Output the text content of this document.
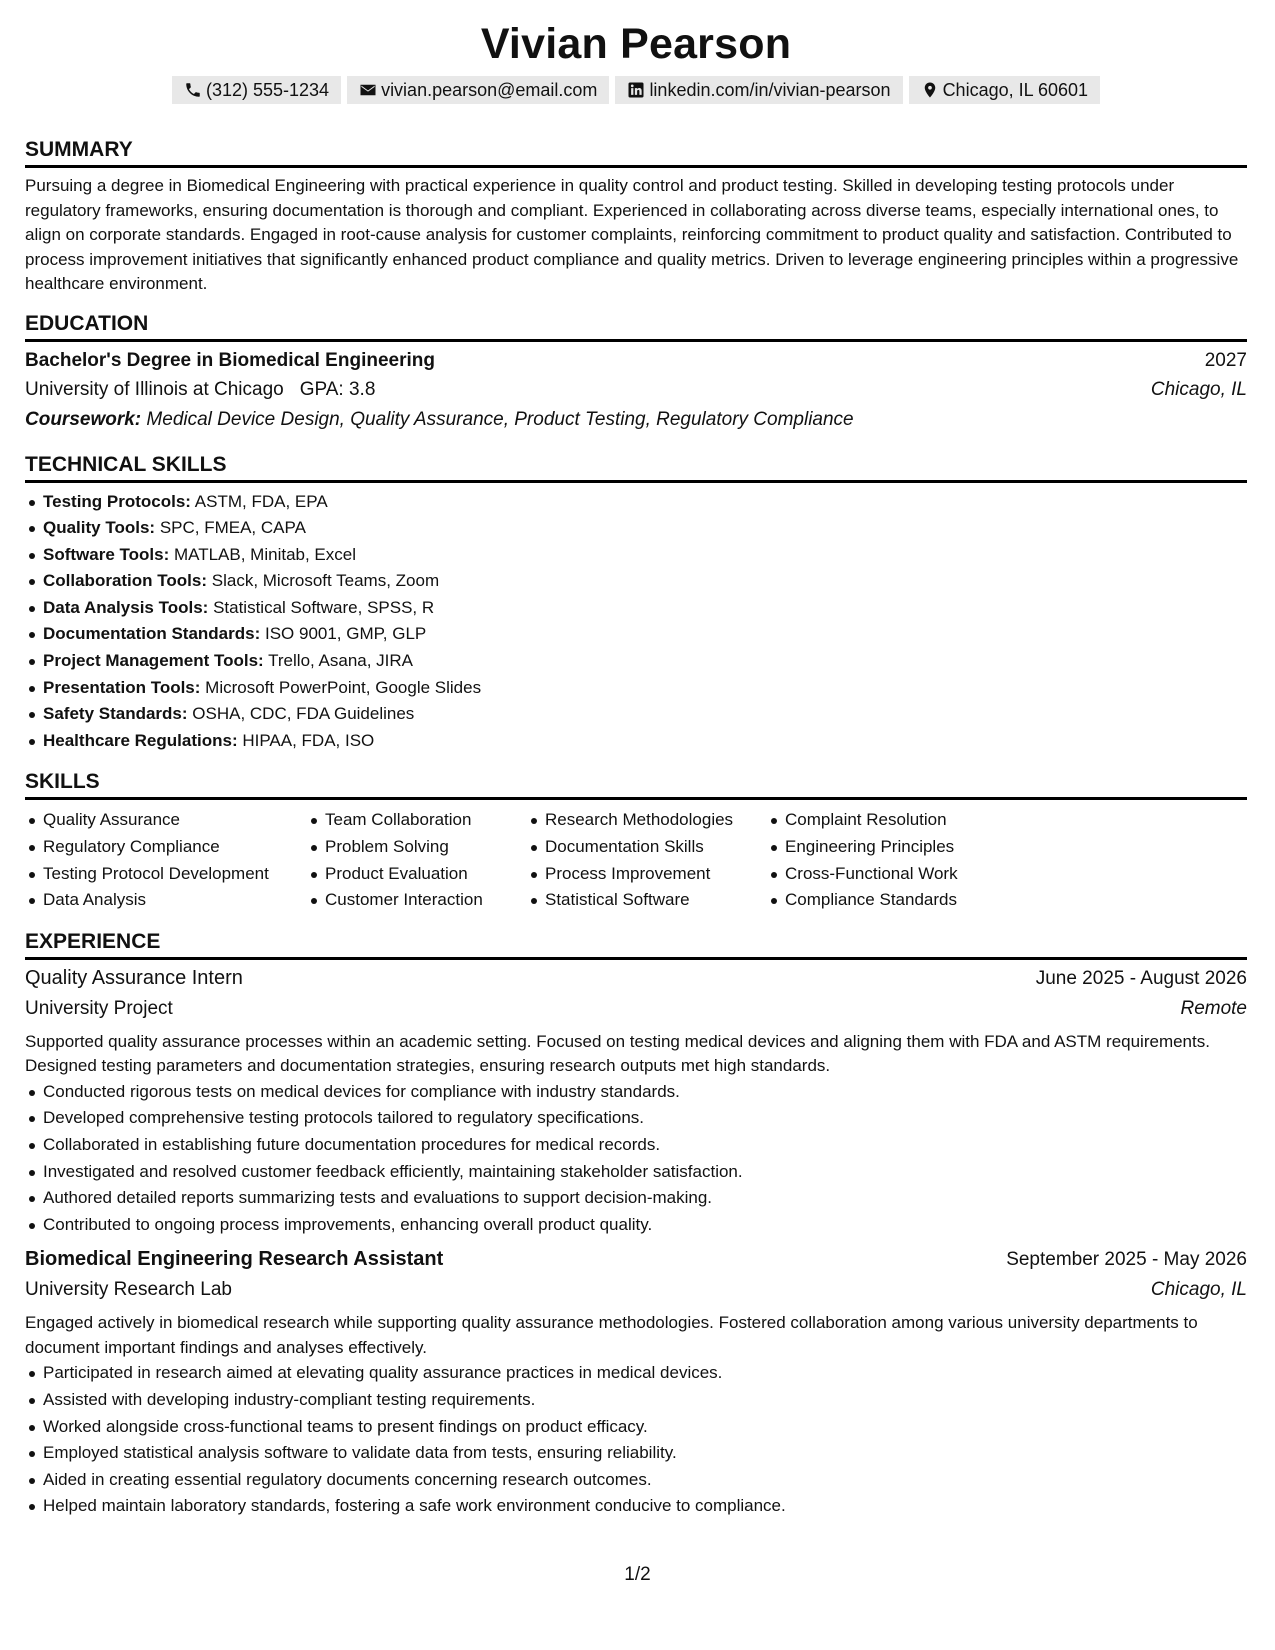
Vivian Pearson
(312) 555-1234	vivian.pearson@email.com	linkedin.com/in/vivian-pearson	Chicago, IL 60601
SUMMARY

Pursuing a degree in Biomedical Engineering with practical experience in quality control and product testing. Skilled in developing testing protocols under regulatory frameworks, ensuring documentation is thorough and compliant. Experienced in collaborating across diverse teams, especially international ones, to align on corporate standards. Engaged in root-cause analysis for customer complaints, reinforcing commitment to product quality and satisfaction. Contributed to process improvement initiatives that significantly enhanced product compliance and quality metrics. Driven to leverage engineering principles within a progressive healthcare environment.

EDUCATION
Bachelor's Degree in Biomedical Engineering	2027
University of Illinois at Chicago GPA: 3.8	Chicago, IL
Coursework: Medical Device Design, Quality Assurance, Product Testing, Regulatory Compliance
TECHNICAL SKILLS
Testing Protocols: ASTM, FDA, EPA
Quality Tools: SPC, FMEA, CAPA
Software Tools: MATLAB, Minitab, Excel
Collaboration Tools: Slack, Microsoft Teams, Zoom
Data Analysis Tools: Statistical Software, SPSS, R
Documentation Standards: ISO 9001, GMP, GLP
Project Management Tools: Trello, Asana, JIRA
Presentation Tools: Microsoft PowerPoint, Google Slides
Safety Standards: OSHA, CDC, FDA Guidelines
Healthcare Regulations: HIPAA, FDA, ISO
SKILLS
Quality Assurance
Regulatory Compliance
Testing Protocol Development
Data Analysis
Team Collaboration
Problem Solving
Product Evaluation
Customer Interaction
Research Methodologies
Documentation Skills
Process Improvement
Statistical Software
Complaint Resolution
Engineering Principles
Cross-Functional Work
Compliance Standards
EXPERIENCE
Quality Assurance Intern	June 2025 - August 2026
University Project	Remote

Supported quality assurance processes within an academic setting. Focused on testing medical devices and aligning them with FDA and ASTM requirements. Designed testing parameters and documentation strategies, ensuring research outputs met high standards.

Conducted rigorous tests on medical devices for compliance with industry standards.
Developed comprehensive testing protocols tailored to regulatory specifications.
Collaborated in establishing future documentation procedures for medical records.
Investigated and resolved customer feedback efficiently, maintaining stakeholder satisfaction.
Authored detailed reports summarizing tests and evaluations to support decision-making.
Contributed to ongoing process improvements, enhancing overall product quality.
Biomedical Engineering Research Assistant	September 2025 - May 2026
University Research Lab	Chicago, IL

Engaged actively in biomedical research while supporting quality assurance methodologies. Fostered collaboration among various university departments to document important findings and analyses effectively.

Participated in research aimed at elevating quality assurance practices in medical devices.
Assisted with developing industry-compliant testing requirements.
Worked alongside cross-functional teams to present findings on product efficacy.
Employed statistical analysis software to validate data from tests, ensuring reliability.
Aided in creating essential regulatory documents concerning research outcomes.
Helped maintain laboratory standards, fostering a safe work environment conducive to compliance.
1/2
